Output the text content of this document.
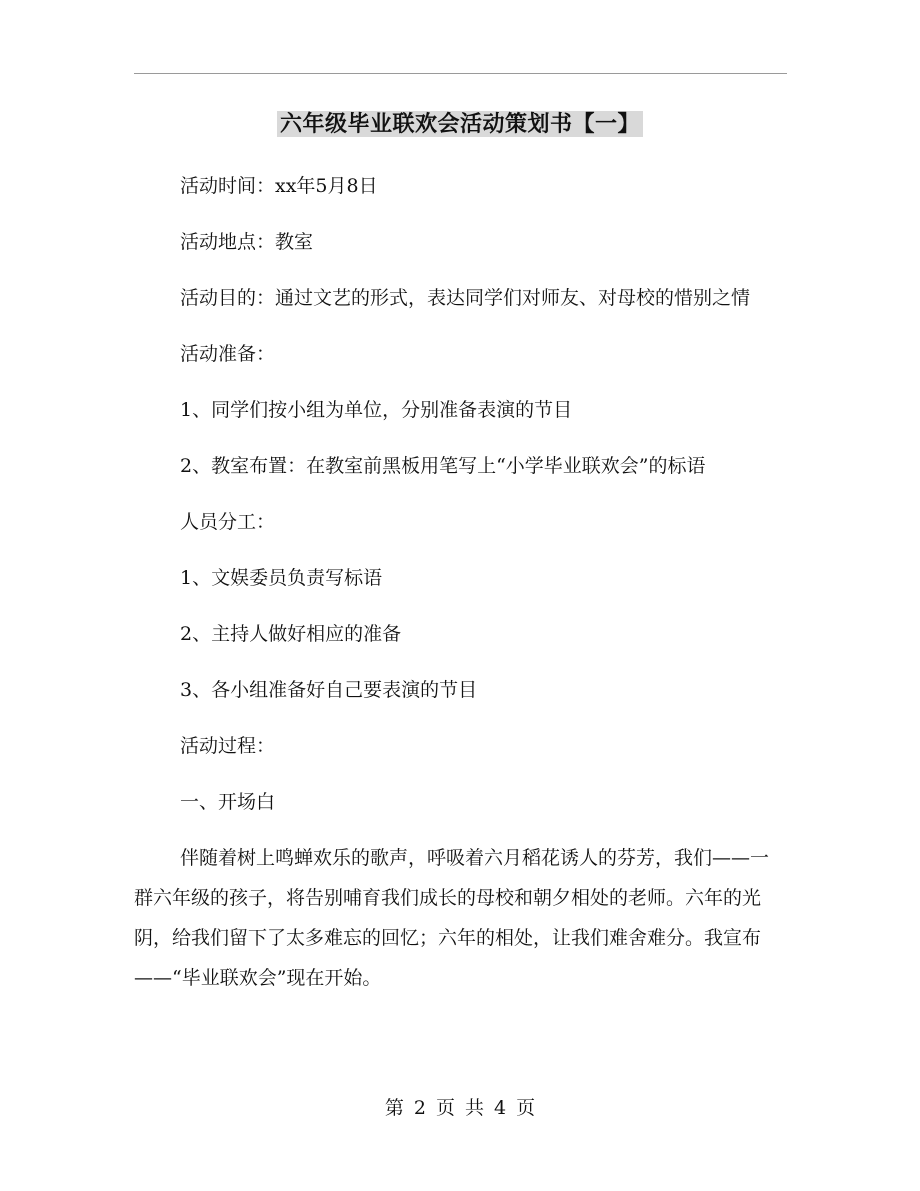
六年级毕业联欢会活动策划书【一】

活动时间：xx年5月8日

活动地点：教室

活动目的：通过文艺的形式，表达同学们对师友、对母校的惜别之情

活动准备：

1、同学们按小组为单位，分别准备表演的节目

2、教室布置：在教室前黑板用笔写上“小学毕业联欢会”的标语

人员分工：

1、文娱委员负责写标语

2、主持人做好相应的准备

3、各小组准备好自己要表演的节目

活动过程：

一、开场白

伴随着树上鸣蝉欢乐的歌声，呼吸着六月稻花诱人的芬芳，我们——一群六年级的孩子，将告别哺育我们成长的母校和朝夕相处的老师。六年的光阴，给我们留下了太多难忘的回忆；六年的相处，让我们难舍难分。我宣布——“毕业联欢会”现在开始。

第 2 页 共 4 页
